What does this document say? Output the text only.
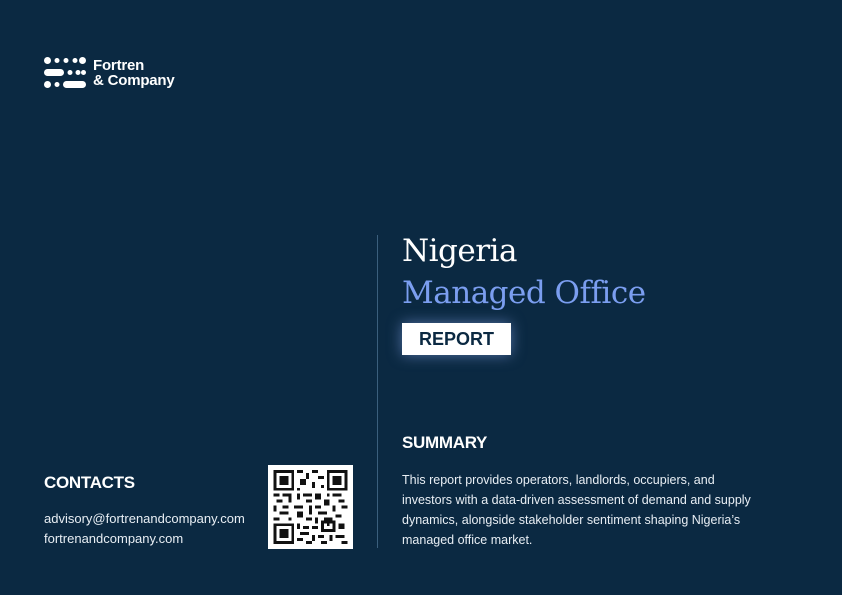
Fortren
& Company
Nigeria
Managed Office
REPORT
SUMMARY
This report provides operators, landlords, occupiers, and investors with a data-driven assessment of demand and supply dynamics, alongside stakeholder sentiment shaping Nigeria’s managed office market.
CONTACTS
advisory@fortrenandcompany.com
fortrenandcompany.com
